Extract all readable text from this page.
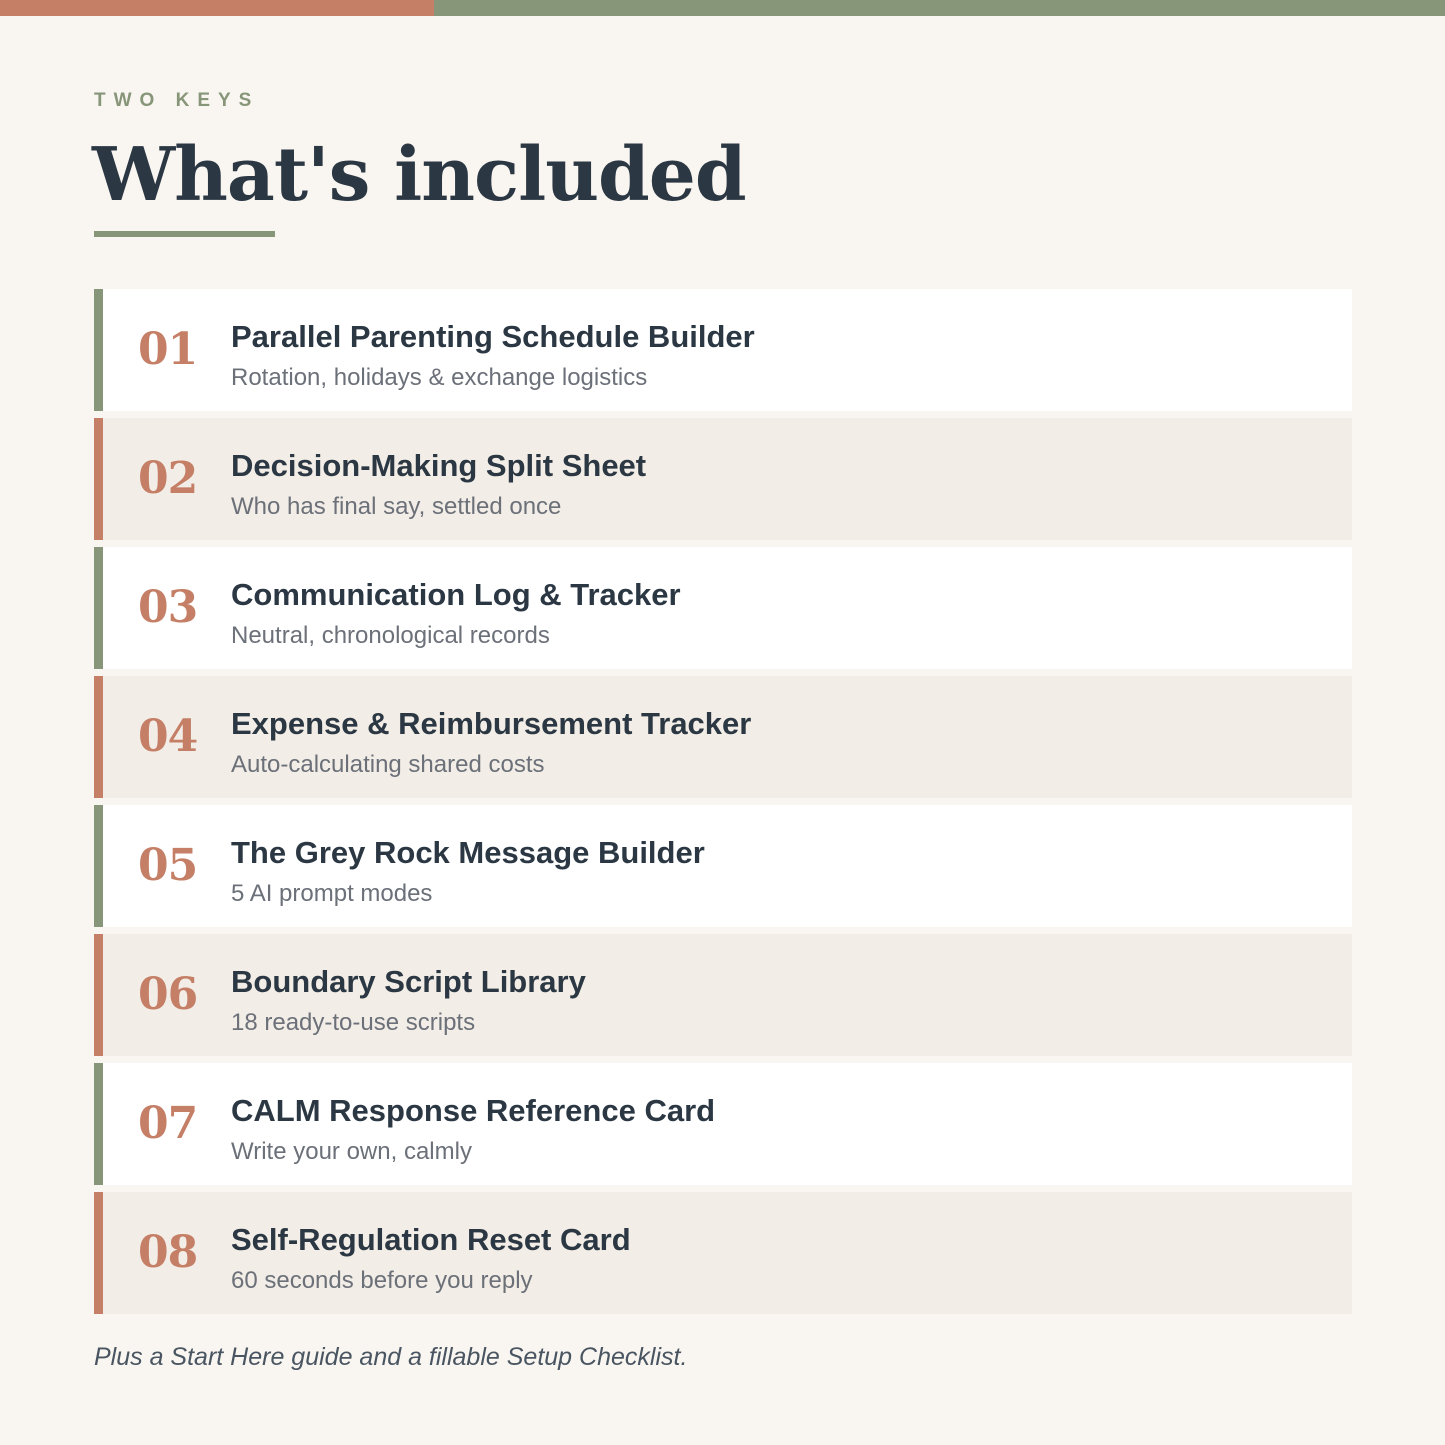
TWO KEYS
What's included
01 Parallel Parenting Schedule Builder
Rotation, holidays & exchange logistics
02 Decision-Making Split Sheet
Who has final say, settled once
03 Communication Log & Tracker
Neutral, chronological records
04 Expense & Reimbursement Tracker
Auto-calculating shared costs
05 The Grey Rock Message Builder
5 AI prompt modes
06 Boundary Script Library
18 ready-to-use scripts
07 CALM Response Reference Card
Write your own, calmly
08 Self-Regulation Reset Card
60 seconds before you reply
Plus a Start Here guide and a fillable Setup Checklist.
